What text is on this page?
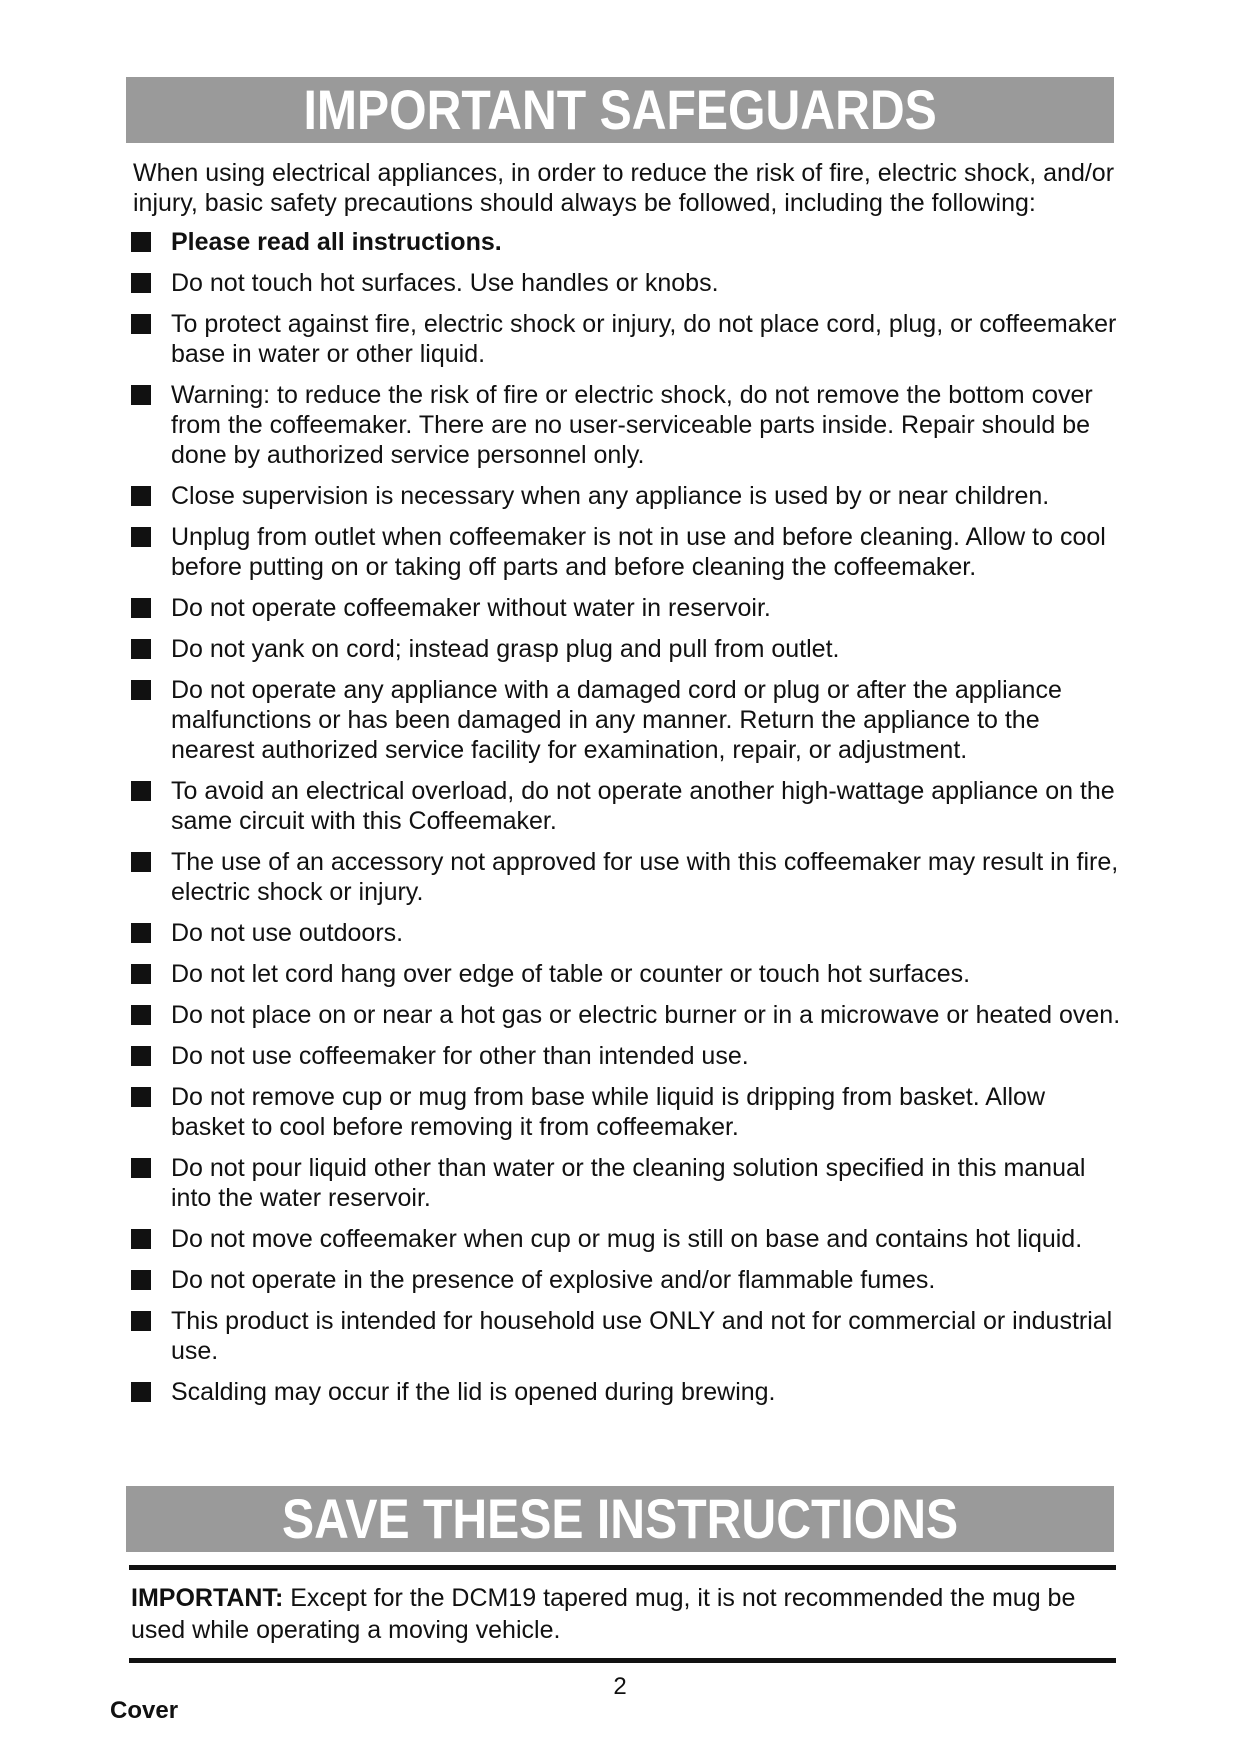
IMPORTANT SAFEGUARDS
When using electrical appliances, in order to reduce the risk of fire, electric shock, and/or injury, basic safety precautions should always be followed, including the following:
Please read all instructions.
Do not touch hot surfaces. Use handles or knobs.
To protect against fire, electric shock or injury, do not place cord, plug, or coffeemaker base in water or other liquid.
Warning: to reduce the risk of fire or electric shock, do not remove the bottom cover from the coffeemaker. There are no user-serviceable parts inside. Repair should be done by authorized service personnel only.
Close supervision is necessary when any appliance is used by or near children.
Unplug from outlet when coffeemaker is not in use and before cleaning. Allow to cool before putting on or taking off parts and before cleaning the coffeemaker.
Do not operate coffeemaker without water in reservoir.
Do not yank on cord; instead grasp plug and pull from outlet.
Do not operate any appliance with a damaged cord or plug or after the appliance malfunctions or has been damaged in any manner. Return the appliance to the nearest authorized service facility for examination, repair, or adjustment.
To avoid an electrical overload, do not operate another high-wattage appliance on the same circuit with this Coffeemaker.
The use of an accessory not approved for use with this coffeemaker may result in fire, electric shock or injury.
Do not use outdoors.
Do not let cord hang over edge of table or counter or touch hot surfaces.
Do not place on or near a hot gas or electric burner or in a microwave or heated oven.
Do not use coffeemaker for other than intended use.
Do not remove cup or mug from base while liquid is dripping from basket. Allow basket to cool before removing it from coffeemaker.
Do not pour liquid other than water or the cleaning solution specified in this manual into the water reservoir.
Do not move coffeemaker when cup or mug is still on base and contains hot liquid.
Do not operate in the presence of explosive and/or flammable fumes.
This product is intended for household use ONLY and not for commercial or industrial use.
Scalding may occur if the lid is opened during brewing.
SAVE THESE INSTRUCTIONS
IMPORTANT: Except for the DCM19 tapered mug, it is not recommended the mug be used while operating a moving vehicle.
2
Cover
